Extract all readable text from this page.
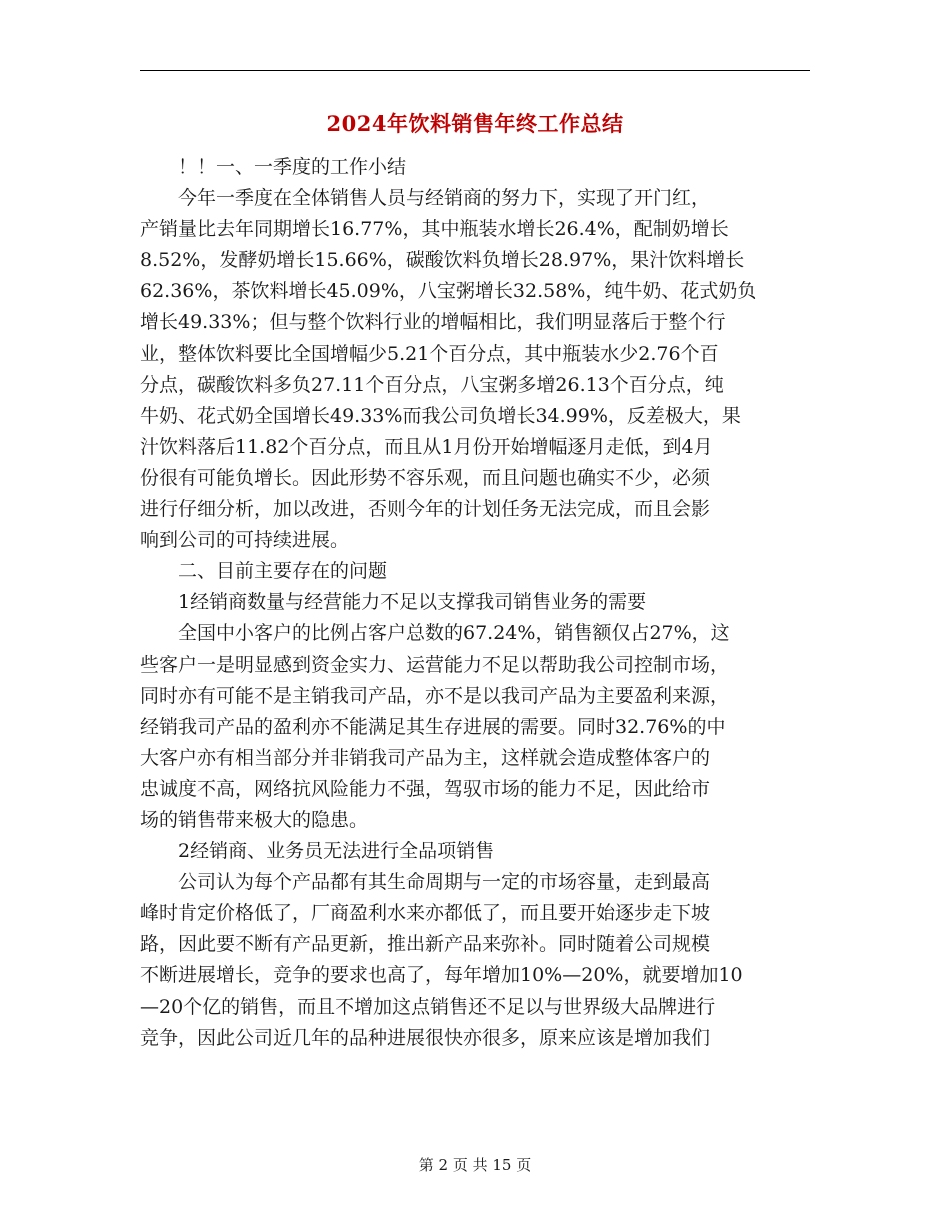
2024年饮料销售年终工作总结
　　！！一、一季度的工作小结
　　今年一季度在全体销售人员与经销商的努力下，实现了开门红，
产销量比去年同期增长16.77%，其中瓶装水增长26.4%，配制奶增长
8.52%，发酵奶增长15.66%，碳酸饮料负增长28.97%，果汁饮料增长
62.36%，茶饮料增长45.09%，八宝粥增长32.58%，纯牛奶、花式奶负
增长49.33%；但与整个饮料行业的增幅相比，我们明显落后于整个行
业，整体饮料要比全国增幅少5.21个百分点，其中瓶装水少2.76个百
分点，碳酸饮料多负27.11个百分点，八宝粥多增26.13个百分点，纯
牛奶、花式奶全国增长49.33%而我公司负增长34.99%，反差极大，果
汁饮料落后11.82个百分点，而且从1月份开始增幅逐月走低，到4月
份很有可能负增长。因此形势不容乐观，而且问题也确实不少，必须
进行仔细分析，加以改进，否则今年的计划任务无法完成，而且会影
响到公司的可持续进展。
　　二、目前主要存在的问题
　　1经销商数量与经营能力不足以支撑我司销售业务的需要
　　全国中小客户的比例占客户总数的67.24%，销售额仅占27%，这
些客户一是明显感到资金实力、运营能力不足以帮助我公司控制市场，
同时亦有可能不是主销我司产品，亦不是以我司产品为主要盈利来源，
经销我司产品的盈利亦不能满足其生存进展的需要。同时32.76%的中
大客户亦有相当部分并非销我司产品为主，这样就会造成整体客户的
忠诚度不高，网络抗风险能力不强，驾驭市场的能力不足，因此给市
场的销售带来极大的隐患。
　　2经销商、业务员无法进行全品项销售
　　公司认为每个产品都有其生命周期与一定的市场容量，走到最高
峰时肯定价格低了，厂商盈利水来亦都低了，而且要开始逐步走下坡
路，因此要不断有产品更新，推出新产品来弥补。同时随着公司规模
不断进展增长，竞争的要求也高了，每年增加10%—20%，就要增加10
—20个亿的销售，而且不增加这点销售还不足以与世界级大品牌进行
竞争，因此公司近几年的品种进展很快亦很多，原来应该是增加我们
第 2 页 共 15 页
